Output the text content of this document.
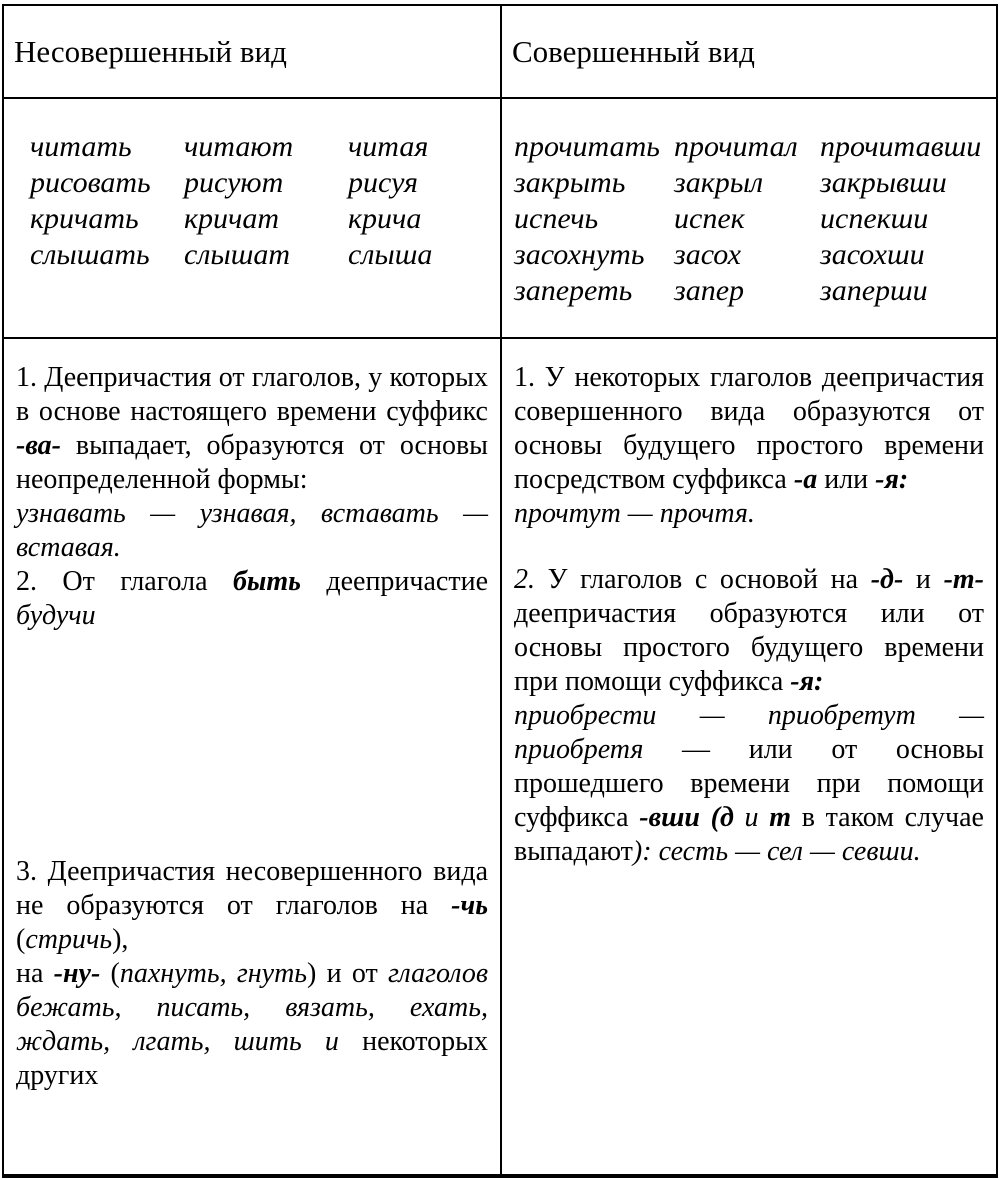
Несовершенный вид	Совершенный вид
читать	читают	читая
рисовать	рисуют	рисуя
кричать	кричат	крича
слышать	слышат	слыша
прочитать прочитал прочитавши
закрыть	закрыл	закрывши
испечь	испек	испекши
засохнуть засох	засохши
запереть	запер	заперши

1. Деепричастия от глаголов, у которых в основе настоящего времени суффикс -ва- выпадает, образуются от основы неопределенной формы:

узнавать — узнавая, вставать — вставая.

2. От глагола быть деепричастие будучи

3. Деепричастия несовершенного вида не образуются от глаголов на -чь (стричь),
на -ну- (пахнуть, гнуть) и от глаголов бежать, писать, вязать, ехать, ждать, лгать, шить и некоторых других

1. У некоторых глаголов деепричастия совершенного вида образуются от основы будущего простого времени посредством суффикса -а или -я:

прочтут — прочтя.

2. У глаголов с основой на -д- и -т- деепричастия образуются или от основы простого будущего времени при помощи суффикса -я:

приобрести — приобретут — приобретя — или от основы прошедшего времени при помощи суффикса -вши (д и т в таком случае выпадают): сесть — сел — севши.
